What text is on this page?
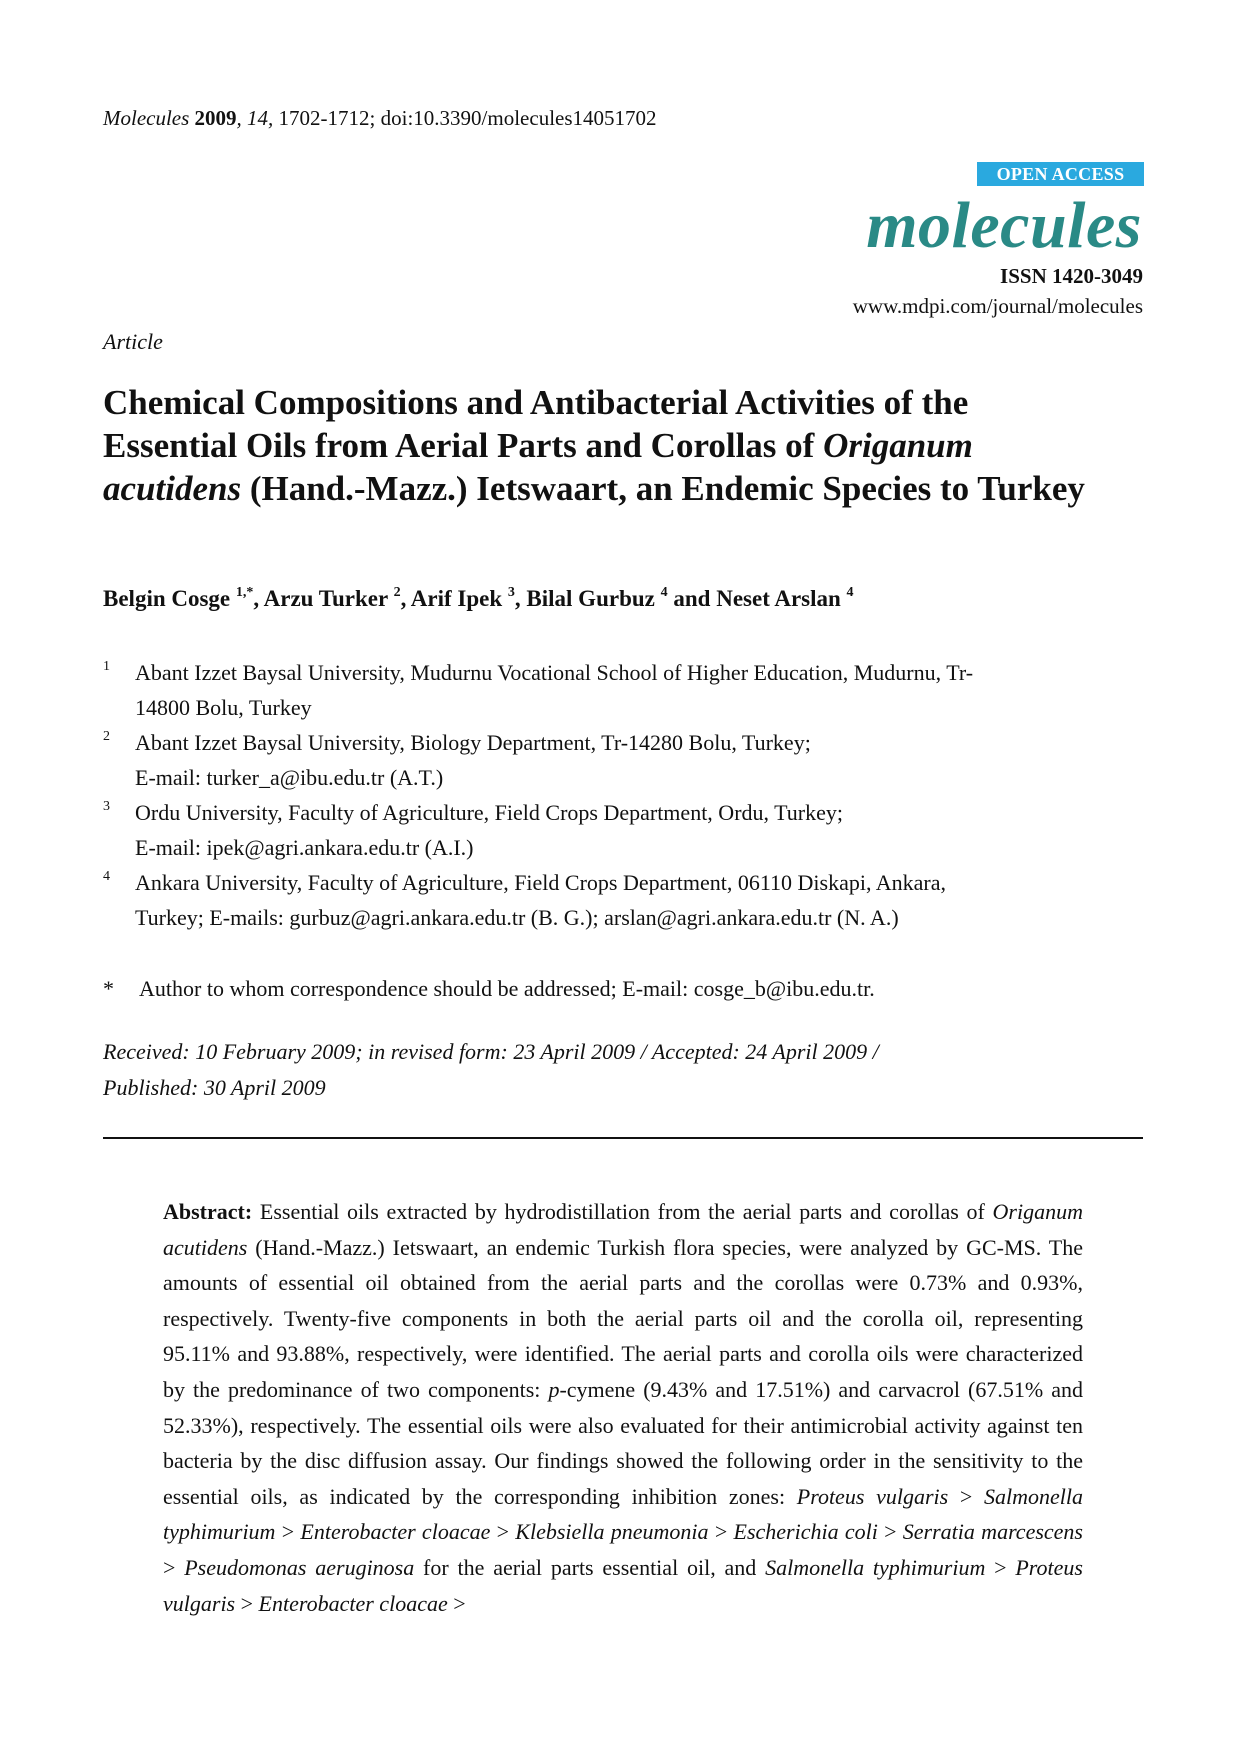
Molecules 2009, 14, 1702-1712; doi:10.3390/molecules14051702
OPEN ACCESS
molecules
ISSN 1420-3049
www.mdpi.com/journal/molecules
Article
Chemical Compositions and Antibacterial Activities of the Essential Oils from Aerial Parts and Corollas of Origanum acutidens (Hand.-Mazz.) Ietswaart, an Endemic Species to Turkey
Belgin Cosge $^{1,*}$, Arzu Turker $^2$, Arif Ipek $^3$, Bilal Gurbuz $^4$ and Neset Arslan $^4$
1 Abant Izzet Baysal University, Mudurnu Vocational School of Higher Education, Mudurnu, Tr-
14800 Bolu, Turkey
2 Abant Izzet Baysal University, Biology Department, Tr-14280 Bolu, Turkey;
E-mail: turker_a@ibu.edu.tr (A.T.)
3 Ordu University, Faculty of Agriculture, Field Crops Department, Ordu, Turkey;
E-mail: ipek@agri.ankara.edu.tr (A.I.)
4 Ankara University, Faculty of Agriculture, Field Crops Department, 06110 Diskapi, Ankara,
Turkey; E-mails: gurbuz@agri.ankara.edu.tr (B. G.); arslan@agri.ankara.edu.tr (N. A.)
* Author to whom correspondence should be addressed; E-mail: cosge_b@ibu.edu.tr.
Received: 10 February 2009; in revised form: 23 April 2009 / Accepted: 24 April 2009 /
Published: 30 April 2009

Abstract: Essential oils extracted by hydrodistillation from the aerial parts and corollas of Origanum acutidens (Hand.-Mazz.) Ietswaart, an endemic Turkish flora species, were analyzed by GC-MS. The amounts of essential oil obtained from the aerial parts and the corollas were 0.73% and 0.93%, respectively. Twenty-five components in both the aerial parts oil and the corolla oil, representing 95.11% and 93.88%, respectively, were identified. The aerial parts and corolla oils were characterized by the predominance of two components: p-cymene (9.43% and 17.51%) and carvacrol (67.51% and 52.33%), respectively. The essential oils were also evaluated for their antimicrobial activity against ten bacteria by the disc diffusion assay. Our findings showed the following order in the sensitivity to the essential oils, as indicated by the corresponding inhibition zones: Proteus vulgaris > Salmonella typhimurium > Enterobacter cloacae > Klebsiella pneumonia > Escherichia coli > Serratia marcescens > Pseudomonas aeruginosa for the aerial parts essential oil, and Salmonella typhimurium > Proteus vulgaris > Enterobacter cloacae >
